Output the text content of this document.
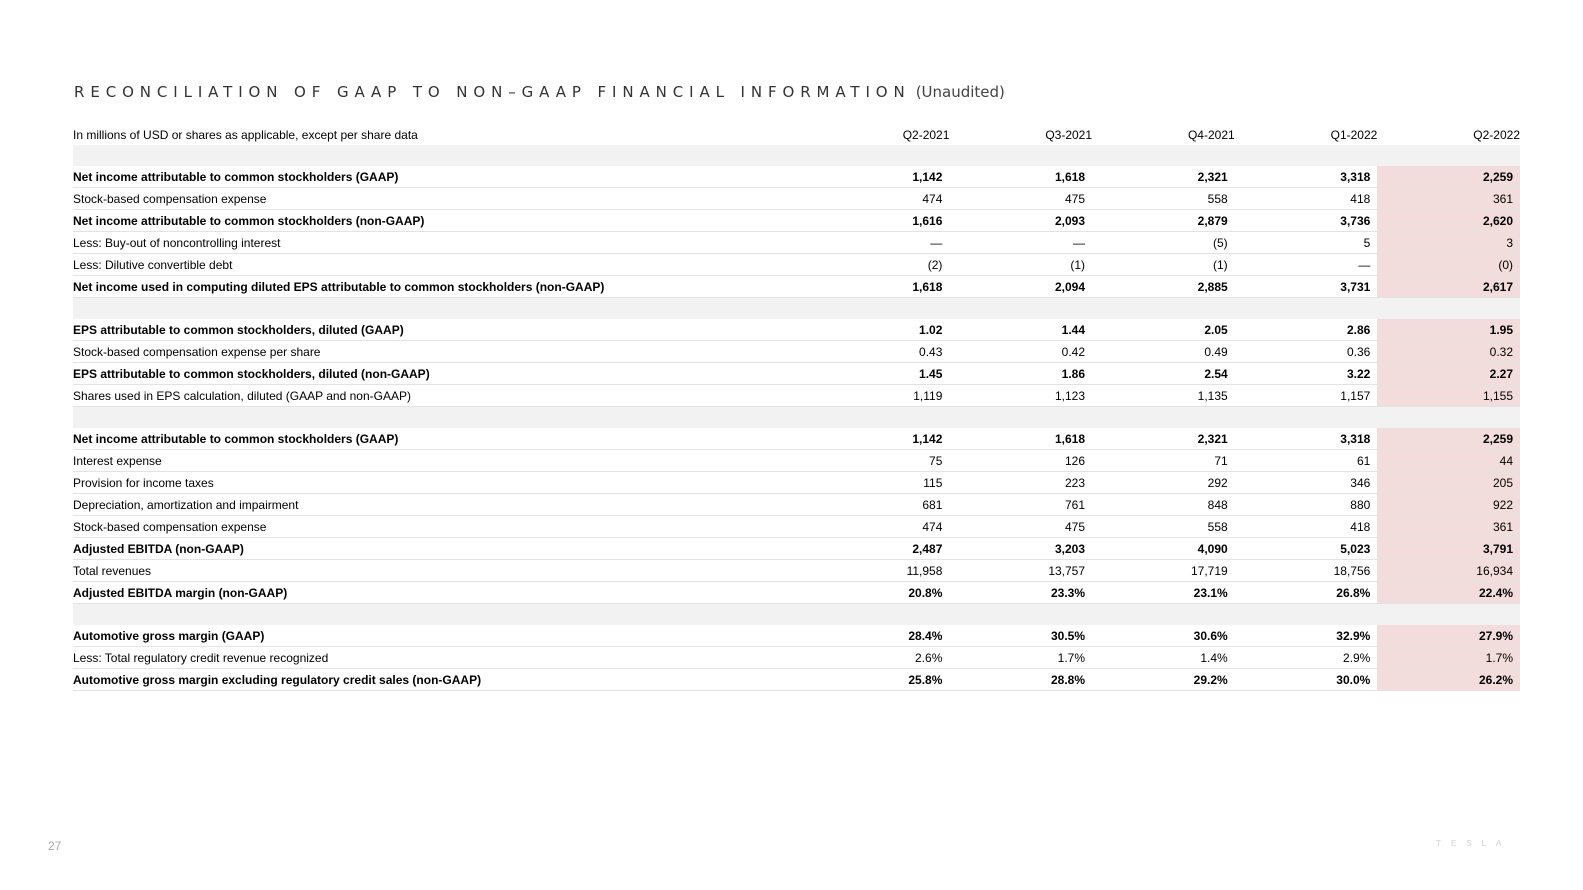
RECONCILIATION OF GAAP TO NON–GAAP FINANCIAL INFORMATION (Unaudited)
In millions of USD or shares as applicable, except per share data	Q2-2021	Q3-2021	Q4-2021	Q1-2022	Q2-2022

Net income attributable to common stockholders (GAAP)	1,142	1,618	2,321	3,318	2,259
Stock-based compensation expense	474	475	558	418	361
Net income attributable to common stockholders (non-GAAP)	1,616	2,093	2,879	3,736	2,620
Less: Buy-out of noncontrolling interest	—	—	(5)	5	3
Less: Dilutive convertible debt	(2)	(1)	(1)	—	(0)
Net income used in computing diluted EPS attributable to common stockholders (non-GAAP)	1,618	2,094	2,885	3,731	2,617

EPS attributable to common stockholders, diluted (GAAP)	1.02	1.44	2.05	2.86	1.95
Stock-based compensation expense per share	0.43	0.42	0.49	0.36	0.32
EPS attributable to common stockholders, diluted (non-GAAP)	1.45	1.86	2.54	3.22	2.27
Shares used in EPS calculation, diluted (GAAP and non-GAAP)	1,119	1,123	1,135	1,157	1,155

Net income attributable to common stockholders (GAAP)	1,142	1,618	2,321	3,318	2,259
Interest expense	75	126	71	61	44
Provision for income taxes	115	223	292	346	205
Depreciation, amortization and impairment	681	761	848	880	922
Stock-based compensation expense	474	475	558	418	361
Adjusted EBITDA (non-GAAP)	2,487	3,203	4,090	5,023	3,791
Total revenues	11,958	13,757	17,719	18,756	16,934
Adjusted EBITDA margin (non-GAAP)	20.8%	23.3%	23.1%	26.8%	22.4%

Automotive gross margin (GAAP)	28.4%	30.5%	30.6%	32.9%	27.9%
Less: Total regulatory credit revenue recognized	2.6%	1.7%	1.4%	2.9%	1.7%
Automotive gross margin excluding regulatory credit sales (non-GAAP)	25.8%	28.8%	29.2%	30.0%	26.2%
27	TESLA
